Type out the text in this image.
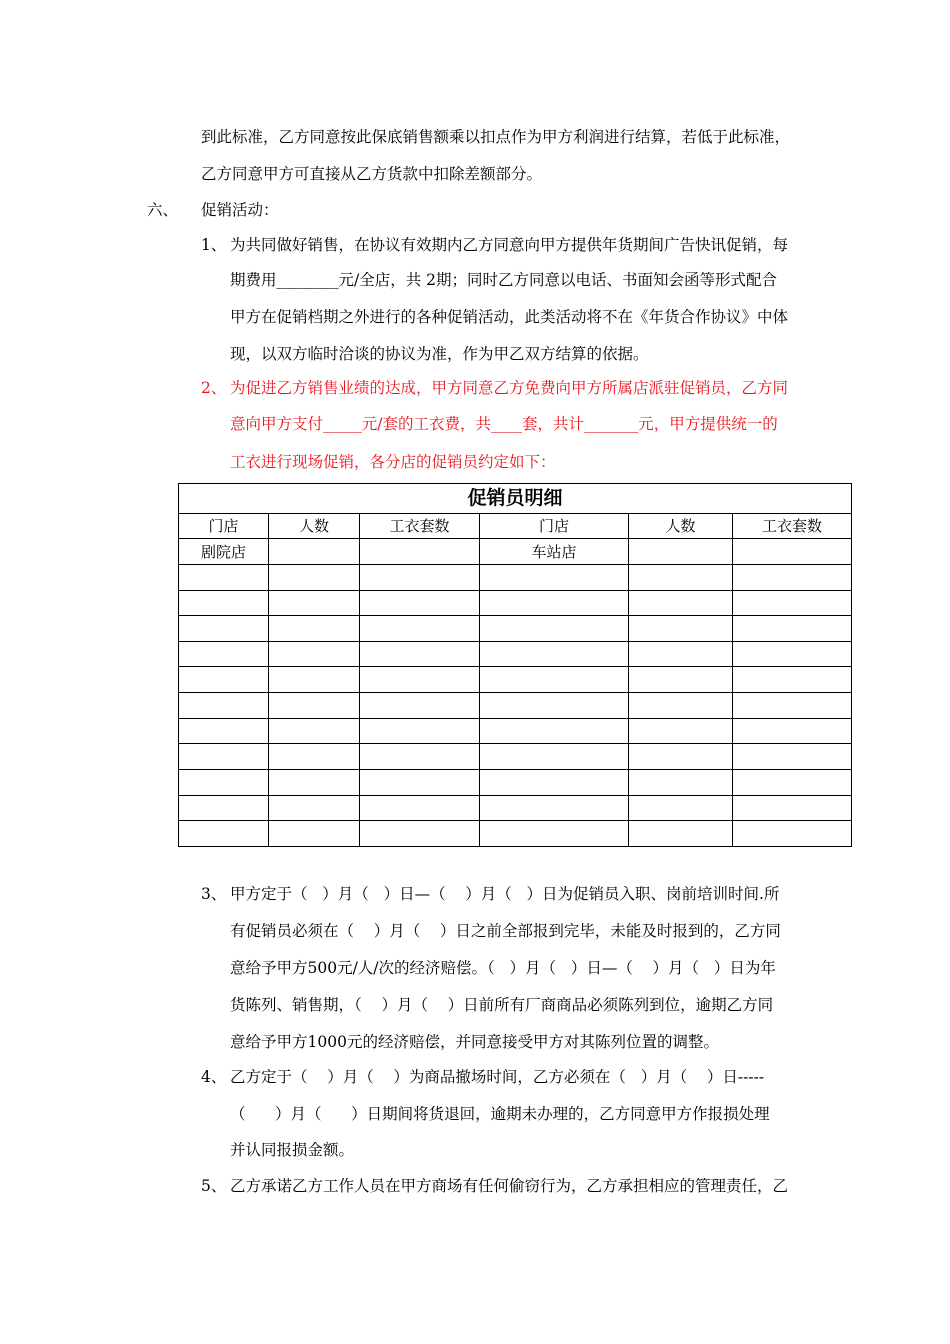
到此标准，乙方同意按此保底销售额乘以扣点作为甲方利润进行结算，若低于此标准，
乙方同意甲方可直接从乙方货款中扣除差额部分。
六、 促销活动：
1、 为共同做好销售，在协议有效期内乙方同意向甲方提供年货期间广告快讯促销，每
期费用________元/全店，共 2期；同时乙方同意以电话、书面知会函等形式配合
甲方在促销档期之外进行的各种促销活动，此类活动将不在《年货合作协议》中体
现，以双方临时洽谈的协议为准，作为甲乙双方结算的依据。
2、 为促进乙方销售业绩的达成，甲方同意乙方免费向甲方所属店派驻促销员，乙方同
意向甲方支付_____元/套的工衣费，共____套，共计_______元，甲方提供统一的
工衣进行现场促销，各分店的促销员约定如下：
促销员明细					
门店	人数	工衣套数	门店	人数	工衣套数
剧院店			车站店		

3、 甲方定于（   ）月（   ）日—（    ）月（   ）日为促销员入职、岗前培训时间.所
有促销员必须在（    ）月（    ）日之前全部报到完毕，未能及时报到的，乙方同
意给予甲方500元/人/次的经济赔偿。（   ）月（   ）日—（    ）月（   ）日为年
货陈列、销售期，（    ）月（    ）日前所有厂商商品必须陈列到位，逾期乙方同
意给予甲方1000元的经济赔偿，并同意接受甲方对其陈列位置的调整。
4、 乙方定于（    ）月（    ）为商品撤场时间，乙方必须在（   ）月（    ）日-----
（      ）月（      ）日期间将货退回，逾期未办理的，乙方同意甲方作报损处理
并认同报损金额。
5、 乙方承诺乙方工作人员在甲方商场有任何偷窃行为，乙方承担相应的管理责任，乙
